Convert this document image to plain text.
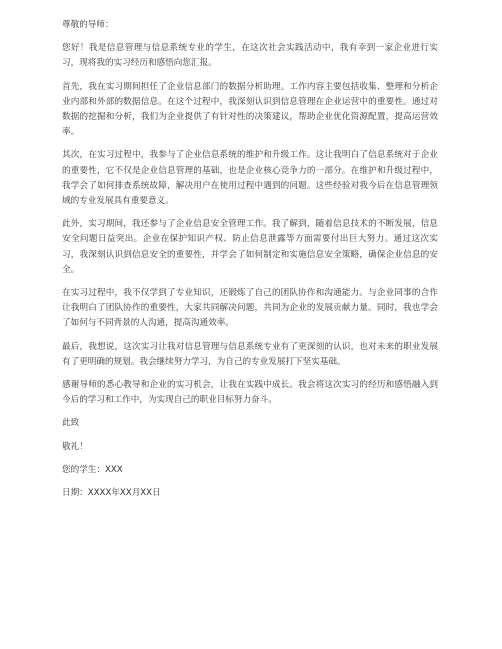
尊敬的导师：
您好！我是信息管理与信息系统专业的学生，在这次社会实践活动中，我有幸到一家企业进行实习，现将我的实习经历和感悟向您汇报。
首先，我在实习期间担任了企业信息部门的数据分析助理。工作内容主要包括收集、整理和分析企业内部和外部的数据信息。在这个过程中，我深刻认识到信息管理在企业运营中的重要性。通过对数据的挖掘和分析，我们为企业提供了有针对性的决策建议，帮助企业优化资源配置，提高运营效率。
其次，在实习过程中，我参与了企业信息系统的维护和升级工作。这让我明白了信息系统对于企业的重要性，它不仅是企业信息管理的基础，也是企业核心竞争力的一部分。在维护和升级过程中，我学会了如何排查系统故障，解决用户在使用过程中遇到的问题。这些经验对我今后在信息管理领域的专业发展具有重要意义。
此外，实习期间，我还参与了企业信息安全管理工作。我了解到，随着信息技术的不断发展，信息安全问题日益突出。企业在保护知识产权、防止信息泄露等方面需要付出巨大努力。通过这次实习，我深刻认识到信息安全的重要性，并学会了如何制定和实施信息安全策略，确保企业信息的安全。
在实习过程中，我不仅学到了专业知识，还锻炼了自己的团队协作和沟通能力。与企业同事的合作让我明白了团队协作的重要性，大家共同解决问题，共同为企业的发展贡献力量。同时，我也学会了如何与不同背景的人沟通，提高沟通效率。
最后，我想说，这次实习让我对信息管理与信息系统专业有了更深刻的认识，也对未来的职业发展有了更明确的规划。我会继续努力学习，为自己的专业发展打下坚实基础。
感谢导师的悉心教导和企业的实习机会，让我在实践中成长。我会将这次实习的经历和感悟融入到今后的学习和工作中，为实现自己的职业目标努力奋斗。
此致
敬礼！
您的学生：XXX
日期：XXXX年XX月XX日
